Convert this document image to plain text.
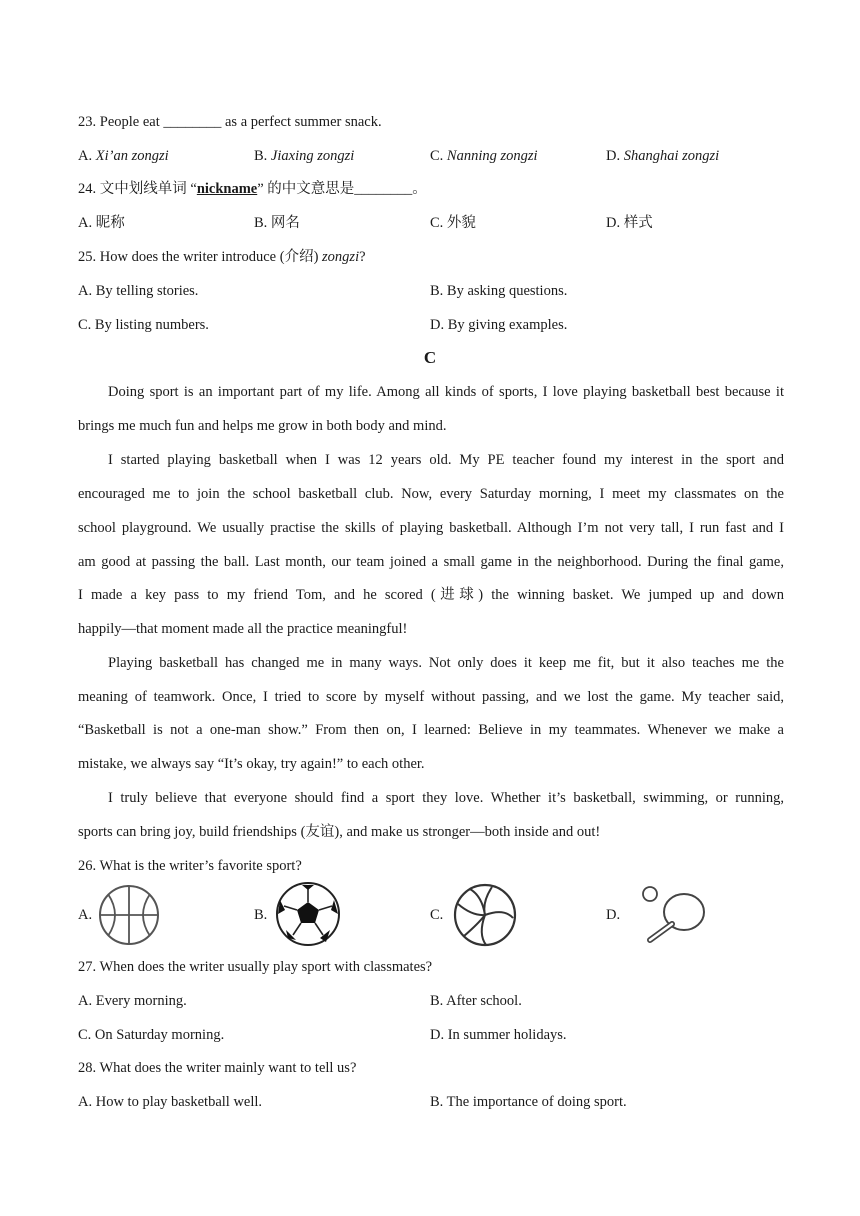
23. People eat ________ as a perfect summer snack.
A. Xi’an zongzi	B. Jiaxing zongzi	C. Nanning zongzi	D. Shanghai zongzi
24. 文中划线单词 “nickname” 的中文意思是________。
A. 昵称	B. 网名	C. 外貌	D. 样式
25. How does the writer introduce (介绍) zongzi?
A. By telling stories.	B. By asking questions.
C. By listing numbers.	D. By giving examples.
C
Doing sport is an important part of my life. Among all kinds of sports, I love playing basketball best because it
brings me much fun and helps me grow in both body and mind.
I started playing basketball when I was 12 years old. My PE teacher found my interest in the sport and
encouraged me to join the school basketball club. Now, every Saturday morning, I meet my classmates on the
school playground. We usually practise the skills of playing basketball. Although I’m not very tall, I run fast and I
am good at passing the ball. Last month, our team joined a small game in the neighborhood. During the final game,
I made a key pass to my friend Tom, and he scored (进球) the winning basket. We jumped up and down
happily—that moment made all the practice meaningful!
Playing basketball has changed me in many ways. Not only does it keep me fit, but it also teaches me the
meaning of teamwork. Once, I tried to score by myself without passing, and we lost the game. My teacher said,
“Basketball is not a one-man show.” From then on, I learned: Believe in my teammates. Whenever we make a
mistake, we always say “It’s okay, try again!” to each other.
I truly believe that everyone should find a sport they love. Whether it’s basketball, swimming, or running,
sports can bring joy, build friendships (友谊), and make us stronger—both inside and out!
26. What is the writer’s favorite sport?
A.	B.	C.	D.
27. When does the writer usually play sport with classmates?
A. Every morning.	B. After school.
C. On Saturday morning.	D. In summer holidays.
28. What does the writer mainly want to tell us?
A. How to play basketball well.	B. The importance of doing sport.
